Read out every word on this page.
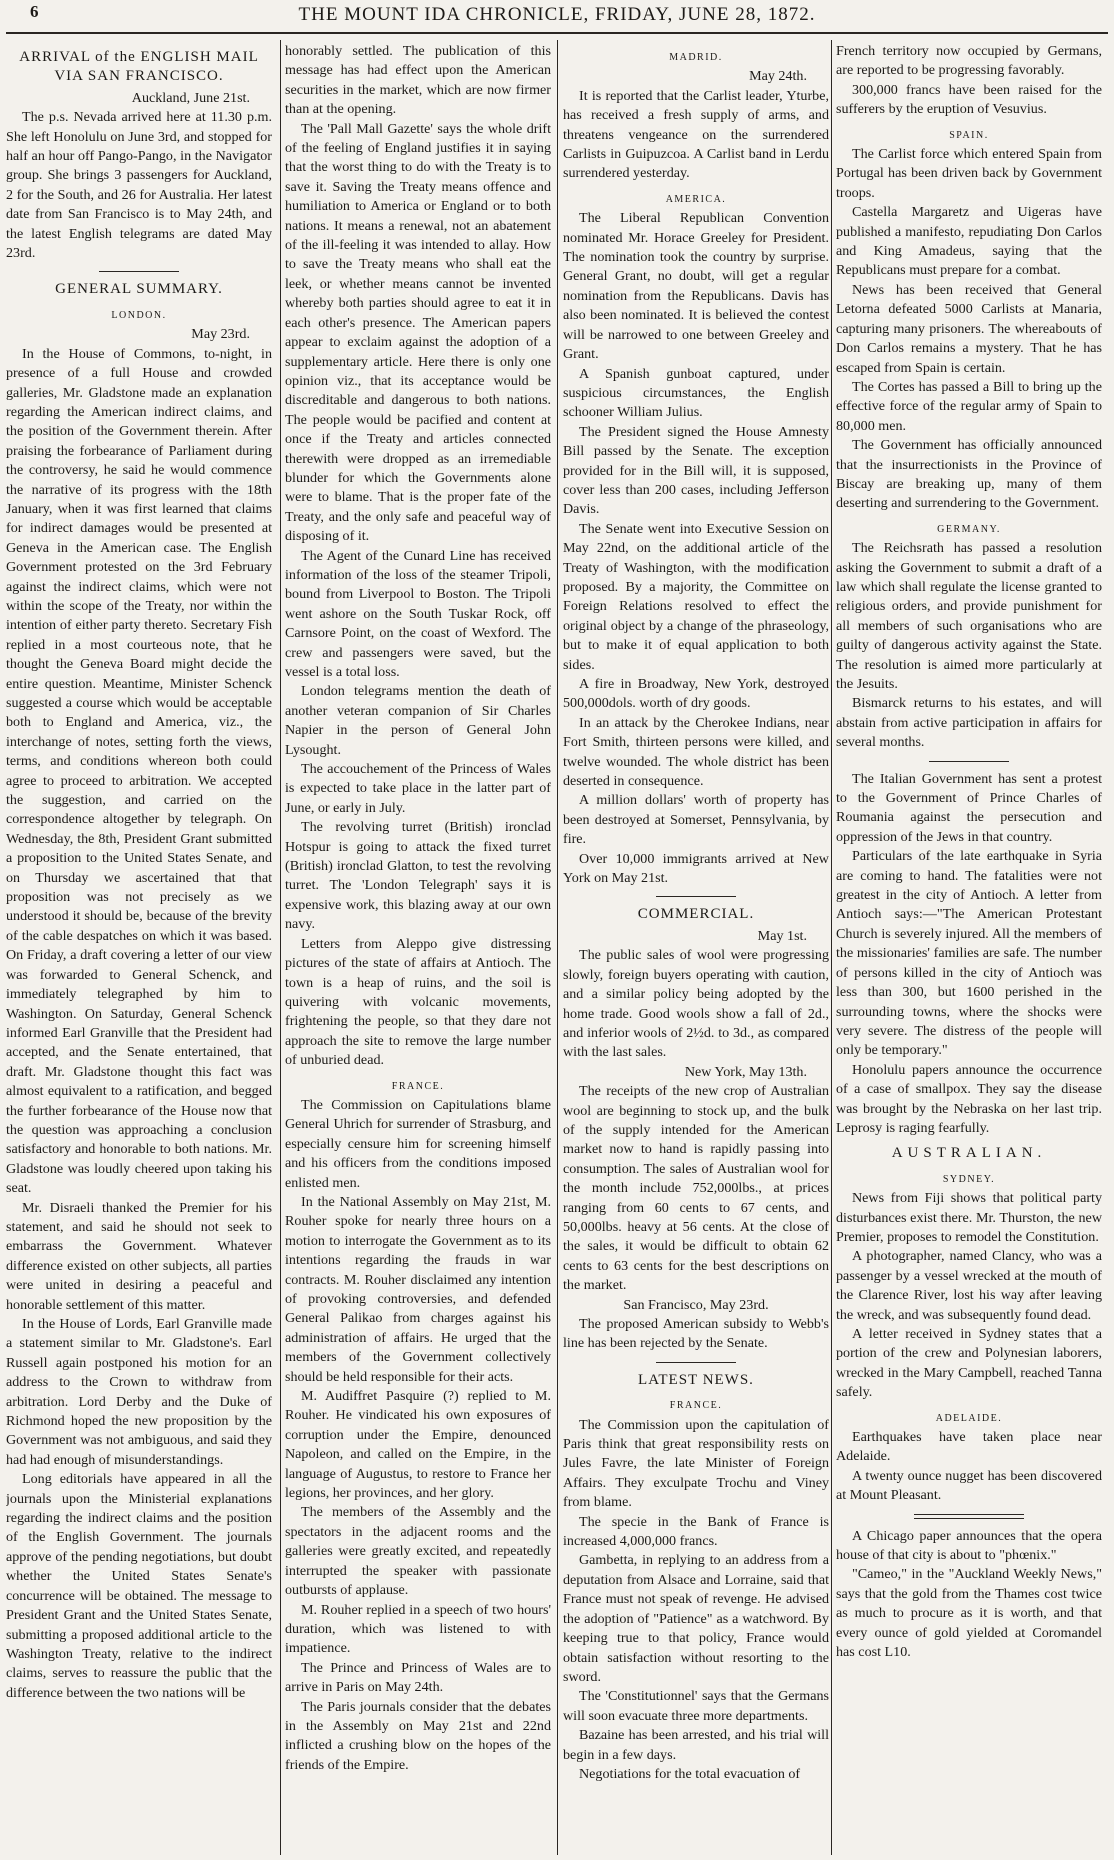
6	THE MOUNT IDA CHRONICLE, FRIDAY, JUNE 28, 1872.

ARRIVAL of the ENGLISH MAIL VIA SAN FRANCISCO.

Auckland, June 21st.

The p.s. Nevada arrived here at 11.30 p.m. She left Honolulu on June 3rd, and stopped for half an hour off Pango-Pango, in the Navigator group. She brings 3 passengers for Auckland, 2 for the South, and 26 for Australia. Her latest date from San Francisco is to May 24th, and the latest English telegrams are dated May 23rd.

GENERAL SUMMARY.

LONDON.

May 23rd.

In the House of Commons, to-night, in presence of a full House and crowded galleries, Mr. Gladstone made an explanation regarding the American indirect claims, and the position of the Government therein. After praising the forbearance of Parliament during the controversy, he said he would commence the narrative of its progress with the 18th January, when it was first learned that claims for indirect damages would be presented at Geneva in the American case. The English Government protested on the 3rd February against the indirect claims, which were not within the scope of the Treaty, nor within the intention of either party thereto. Secretary Fish replied in a most courteous note, that he thought the Geneva Board might decide the entire question. Meantime, Minister Schenck suggested a course which would be acceptable both to England and America, viz., the interchange of notes, setting forth the views, terms, and conditions whereon both could agree to proceed to arbitration. We accepted the suggestion, and carried on the correspondence altogether by telegraph. On Wednesday, the 8th, President Grant submitted a proposition to the United States Senate, and on Thursday we ascertained that that proposition was not precisely as we understood it should be, because of the brevity of the cable despatches on which it was based. On Friday, a draft covering a letter of our view was forwarded to General Schenck, and immediately telegraphed by him to Washington. On Saturday, General Schenck informed Earl Granville that the President had accepted, and the Senate entertained, that draft. Mr. Gladstone thought this fact was almost equivalent to a ratification, and begged the further forbearance of the House now that the question was approaching a conclusion satisfactory and honorable to both nations. Mr. Gladstone was loudly cheered upon taking his seat.

Mr. Disraeli thanked the Premier for his statement, and said he should not seek to embarrass the Government. Whatever difference existed on other subjects, all parties were united in desiring a peaceful and honorable settlement of this matter.

In the House of Lords, Earl Granville made a statement similar to Mr. Gladstone's. Earl Russell again postponed his motion for an address to the Crown to withdraw from arbitration. Lord Derby and the Duke of Richmond hoped the new proposition by the Government was not ambiguous, and said they had had enough of misunderstandings.

Long editorials have appeared in all the journals upon the Ministerial explanations regarding the indirect claims and the position of the English Government. The journals approve of the pending negotiations, but doubt whether the United States Senate's concurrence will be obtained. The message to President Grant and the United States Senate, submitting a proposed additional article to the Washington Treaty, relative to the indirect claims, serves to reassure the public that the difference between the two nations will be

honorably settled. The publication of this message has had effect upon the American securities in the market, which are now firmer than at the opening.

The 'Pall Mall Gazette' says the whole drift of the feeling of England justifies it in saying that the worst thing to do with the Treaty is to save it. Saving the Treaty means offence and humiliation to America or England or to both nations. It means a renewal, not an abatement of the ill-feeling it was intended to allay. How to save the Treaty means who shall eat the leek, or whether means cannot be invented whereby both parties should agree to eat it in each other's presence. The American papers appear to exclaim against the adoption of a supplementary article. Here there is only one opinion viz., that its acceptance would be discreditable and dangerous to both nations. The people would be pacified and content at once if the Treaty and articles connected therewith were dropped as an irremediable blunder for which the Governments alone were to blame. That is the proper fate of the Treaty, and the only safe and peaceful way of disposing of it.

The Agent of the Cunard Line has received information of the loss of the steamer Tripoli, bound from Liverpool to Boston. The Tripoli went ashore on the South Tuskar Rock, off Carnsore Point, on the coast of Wexford. The crew and passengers were saved, but the vessel is a total loss.

London telegrams mention the death of another veteran companion of Sir Charles Napier in the person of General John Lysought.

The accouchement of the Princess of Wales is expected to take place in the latter part of June, or early in July.

The revolving turret (British) ironclad Hotspur is going to attack the fixed turret (British) ironclad Glatton, to test the revolving turret. The 'London Telegraph' says it is expensive work, this blazing away at our own navy.

Letters from Aleppo give distressing pictures of the state of affairs at Antioch. The town is a heap of ruins, and the soil is quivering with volcanic movements, frightening the people, so that they dare not approach the site to remove the large number of unburied dead.

FRANCE.

The Commission on Capitulations blame General Uhrich for surrender of Strasburg, and especially censure him for screening himself and his officers from the conditions imposed enlisted men.

In the National Assembly on May 21st, M. Rouher spoke for nearly three hours on a motion to interrogate the Government as to its intentions regarding the frauds in war contracts. M. Rouher disclaimed any intention of provoking controversies, and defended General Palikao from charges against his administration of affairs. He urged that the members of the Government collectively should be held responsible for their acts.

M. Audiffret Pasquire (?) replied to M. Rouher. He vindicated his own exposures of corruption under the Empire, denounced Napoleon, and called on the Empire, in the language of Augustus, to restore to France her legions, her provinces, and her glory.

The members of the Assembly and the spectators in the adjacent rooms and the galleries were greatly excited, and repeatedly interrupted the speaker with passionate outbursts of applause.

M. Rouher replied in a speech of two hours' duration, which was listened to with impatience.

The Prince and Princess of Wales are to arrive in Paris on May 24th.

The Paris journals consider that the debates in the Assembly on May 21st and 22nd inflicted a crushing blow on the hopes of the friends of the Empire.

MADRID.

May 24th.

It is reported that the Carlist leader, Yturbe, has received a fresh supply of arms, and threatens vengeance on the surrendered Carlists in Guipuzcoa. A Carlist band in Lerdu surrendered yesterday.

AMERICA.

The Liberal Republican Convention nominated Mr. Horace Greeley for President. The nomination took the country by surprise. General Grant, no doubt, will get a regular nomination from the Republicans. Davis has also been nominated. It is believed the contest will be narrowed to one between Greeley and Grant.

A Spanish gunboat captured, under suspicious circumstances, the English schooner William Julius.

The President signed the House Amnesty Bill passed by the Senate. The exception provided for in the Bill will, it is supposed, cover less than 200 cases, including Jefferson Davis.

The Senate went into Executive Session on May 22nd, on the additional article of the Treaty of Washington, with the modification proposed. By a majority, the Committee on Foreign Relations resolved to effect the original object by a change of the phraseology, but to make it of equal application to both sides.

A fire in Broadway, New York, destroyed 500,000dols. worth of dry goods.

In an attack by the Cherokee Indians, near Fort Smith, thirteen persons were killed, and twelve wounded. The whole district has been deserted in consequence.

A million dollars' worth of property has been destroyed at Somerset, Pennsylvania, by fire.

Over 10,000 immigrants arrived at New York on May 21st.

COMMERCIAL.

May 1st.

The public sales of wool were progressing slowly, foreign buyers operating with caution, and a similar policy being adopted by the home trade. Good wools show a fall of 2d., and inferior wools of 2½d. to 3d., as compared with the last sales.

New York, May 13th.

The receipts of the new crop of Australian wool are beginning to stock up, and the bulk of the supply intended for the American market now to hand is rapidly passing into consumption. The sales of Australian wool for the month include 752,000lbs., at prices ranging from 60 cents to 67 cents, and 50,000lbs. heavy at 56 cents. At the close of the sales, it would be difficult to obtain 62 cents to 63 cents for the best descriptions on the market.

San Francisco, May 23rd.

The proposed American subsidy to Webb's line has been rejected by the Senate.

LATEST NEWS.

FRANCE.

The Commission upon the capitulation of Paris think that great responsibility rests on Jules Favre, the late Minister of Foreign Affairs. They exculpate Trochu and Viney from blame.

The specie in the Bank of France is increased 4,000,000 francs.

Gambetta, in replying to an address from a deputation from Alsace and Lorraine, said that France must not speak of revenge. He advised the adoption of "Patience" as a watchword. By keeping true to that policy, France would obtain satisfaction without resorting to the sword.

The 'Constitutionnel' says that the Germans will soon evacuate three more departments.

Bazaine has been arrested, and his trial will begin in a few days.

Negotiations for the total evacuation of

French territory now occupied by Germans, are reported to be progressing favorably.

300,000 francs have been raised for the sufferers by the eruption of Vesuvius.

SPAIN.

The Carlist force which entered Spain from Portugal has been driven back by Government troops.

Castella Margaretz and Uigeras have published a manifesto, repudiating Don Carlos and King Amadeus, saying that the Republicans must prepare for a combat.

News has been received that General Letorna defeated 5000 Carlists at Manaria, capturing many prisoners. The whereabouts of Don Carlos remains a mystery. That he has escaped from Spain is certain.

The Cortes has passed a Bill to bring up the effective force of the regular army of Spain to 80,000 men.

The Government has officially announced that the insurrectionists in the Province of Biscay are breaking up, many of them deserting and surrendering to the Government.

GERMANY.

The Reichsrath has passed a resolution asking the Government to submit a draft of a law which shall regulate the license granted to religious orders, and provide punishment for all members of such organisations who are guilty of dangerous activity against the State. The resolution is aimed more particularly at the Jesuits.

Bismarck returns to his estates, and will abstain from active participation in affairs for several months.

The Italian Government has sent a protest to the Government of Prince Charles of Roumania against the persecution and oppression of the Jews in that country.

Particulars of the late earthquake in Syria are coming to hand. The fatalities were not greatest in the city of Antioch. A letter from Antioch says:—"The American Protestant Church is severely injured. All the members of the missionaries' families are safe. The number of persons killed in the city of Antioch was less than 300, but 1600 perished in the surrounding towns, where the shocks were very severe. The distress of the people will only be temporary."

Honolulu papers announce the occurrence of a case of smallpox. They say the disease was brought by the Nebraska on her last trip. Leprosy is raging fearfully.

AUSTRALIAN.

SYDNEY.

News from Fiji shows that political party disturbances exist there. Mr. Thurston, the new Premier, proposes to remodel the Constitution.

A photographer, named Clancy, who was a passenger by a vessel wrecked at the mouth of the Clarence River, lost his way after leaving the wreck, and was subsequently found dead.

A letter received in Sydney states that a portion of the crew and Polynesian laborers, wrecked in the Mary Campbell, reached Tanna safely.

ADELAIDE.

Earthquakes have taken place near Adelaide.

A twenty ounce nugget has been discovered at Mount Pleasant.

A Chicago paper announces that the opera house of that city is about to "phœnix."

"Cameo," in the "Auckland Weekly News," says that the gold from the Thames cost twice as much to procure as it is worth, and that every ounce of gold yielded at Coromandel has cost L10.
